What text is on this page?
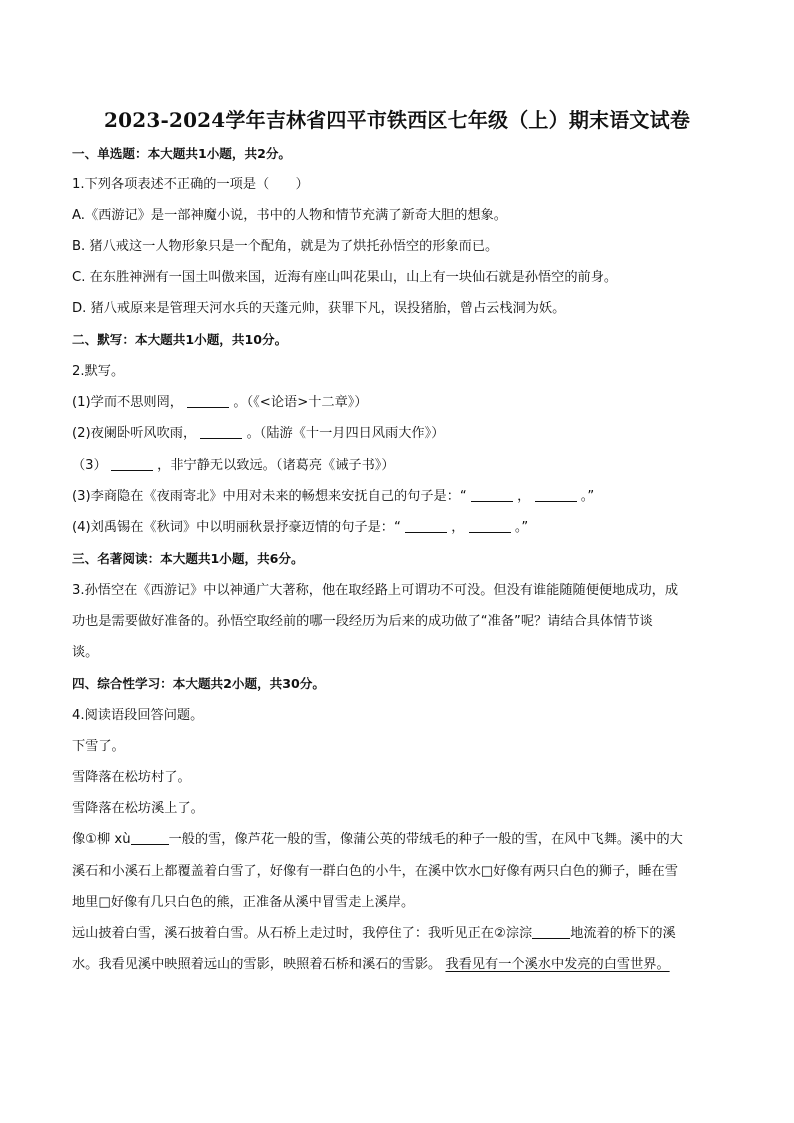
2023-2024学年吉林省四平市铁西区七年级（上）期末语文试卷
一、单选题：本大题共1小题，共2分。
1.下列各项表述不正确的一项是（　　）
A.《西游记》是一部神魔小说，书中的人物和情节充满了新奇大胆的想象。
B. 猪八戒这一人物形象只是一个配角，就是为了烘托孙悟空的形象而已。
C. 在东胜神洲有一国土叫傲来国，近海有座山叫花果山，山上有一块仙石就是孙悟空的前身。
D. 猪八戒原来是管理天河水兵的天蓬元帅，获罪下凡，误投猪胎，曾占云栈洞为妖。
二、默写：本大题共1小题，共10分。
2.默写。
(1)学而不思则罔，	。（《<论语>十二章》）
(2)夜阑卧听风吹雨，	。（陆游《十一月四日风雨大作》）
（3）	，非宁静无以致远。（诸葛亮《诫子书》）
(3)李商隐在《夜雨寄北》中用对未来的畅想来安抚自己的句子是：“	，	。”
(4)刘禹锡在《秋词》中以明丽秋景抒豪迈情的句子是：“	，	。”
三、名著阅读：本大题共1小题，共6分。
3.孙悟空在《西游记》中以神通广大著称，他在取经路上可谓功不可没。但没有谁能随随便便地成功，成
功也是需要做好准备的。孙悟空取经前的哪一段经历为后来的成功做了“准备”呢？请结合具体情节谈
谈。
四、综合性学习：本大题共2小题，共30分。
4.阅读语段回答问题。
下雪了。
雪降落在松坊村了。
雪降落在松坊溪上了。
像①柳 xù	一般的雪，像芦花一般的雪，像蒲公英的带绒毛的种子一般的雪，在风中飞舞。溪中的大
溪石和小溪石上都覆盖着白雪了，好像有一群白色的小牛，在溪中饮水□好像有两只白色的狮子，睡在雪
地里□好像有几只白色的熊，正准备从溪中冒雪走上溪岸。
远山披着白雪，溪石披着白雪。从石桥上走过时，我停住了：我听见正在②淙淙	地流着的桥下的溪
水。我看见溪中映照着远山的雪影，映照着石桥和溪石的雪影。 我看见有一个溪水中发亮的白雪世界。
